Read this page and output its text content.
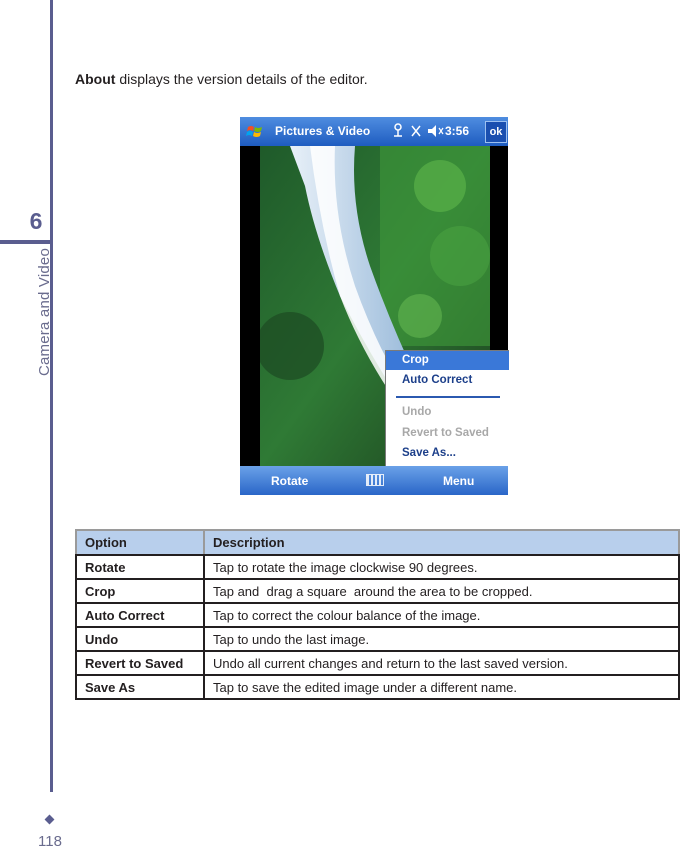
6
Camera and Video
118

About displays the version details of the editor.

Pictures & Video	3:56	ok
Crop
Auto Correct
Undo
Revert to Saved
Save As...
Rotate	Menu
Option	Description
Rotate	Tap to rotate the image clockwise 90 degrees.
Crop	Tap and  drag a square  around the area to be cropped.
Auto Correct	Tap to correct the colour balance of the image.
Undo	Tap to undo the last image.
Revert to Saved	Undo all current changes and return to the last saved version.
Save As	Tap to save the edited image under a different name.
